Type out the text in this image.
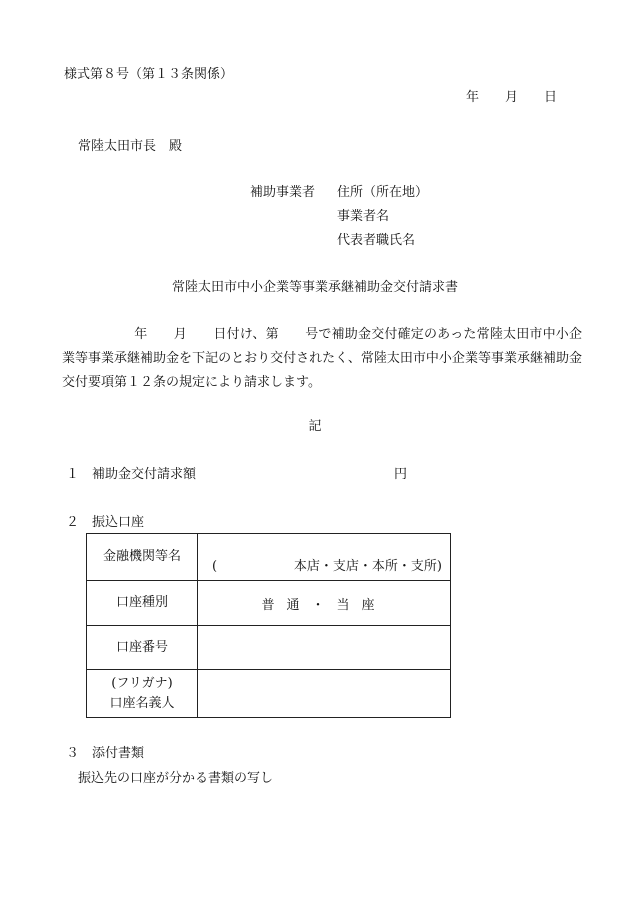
様式第８号（第１３条関係）
年　　月　　日
常陸太田市長　殿
補助事業者 住所（所在地）
事業者名
代表者職氏名
常陸太田市中小企業等事業承継補助金交付請求書
年　　月　　日付け、第　　号で補助金交付確定のあった常陸太田市中小企業等事業承継補助金を下記のとおり交付されたく、常陸太田市中小企業等事業承継補助金交付要項第１２条の規定により請求します。
記
１ 補助金交付請求額	円
２ 振込口座
金融機関等名	( 本店・支店・本所・支所)

口座種別	普通・当座
口座番号	

(フリガナ)
口座名義人	

３ 添付書類
振込先の口座が分かる書類の写し
